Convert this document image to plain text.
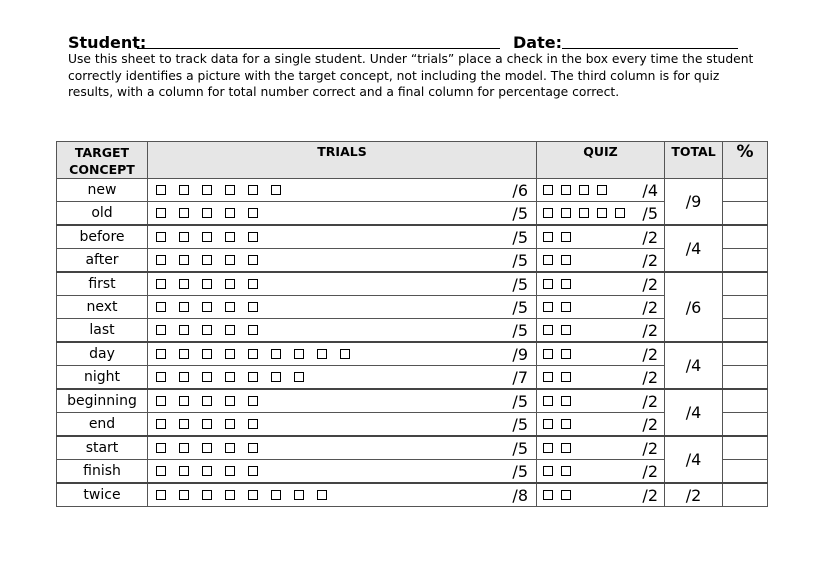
Student:	Date:
Use this sheet to track data for a single student. Under “trials” place a check in the box every time the student correctly identifies a picture with the target concept, not including the model. The third column is for quiz results, with a column for total number correct and a final column for percentage correct.
TARGET CONCEPT	TRIALS	QUIZ	TOTAL	%
new	/6	/4	/9	
old	/5	/5		

before	/5	/2	/4	
after	/5	/2		

first	/5	/2	/6	
next	/5	/2		

last	/5	/2		

day	/9	/2	/4	
night	/7	/2		

beginning	/5	/2	/4	
end	/5	/2		

start	/5	/2	/4	
finish	/5	/2		

twice	/8	/2	/2	
